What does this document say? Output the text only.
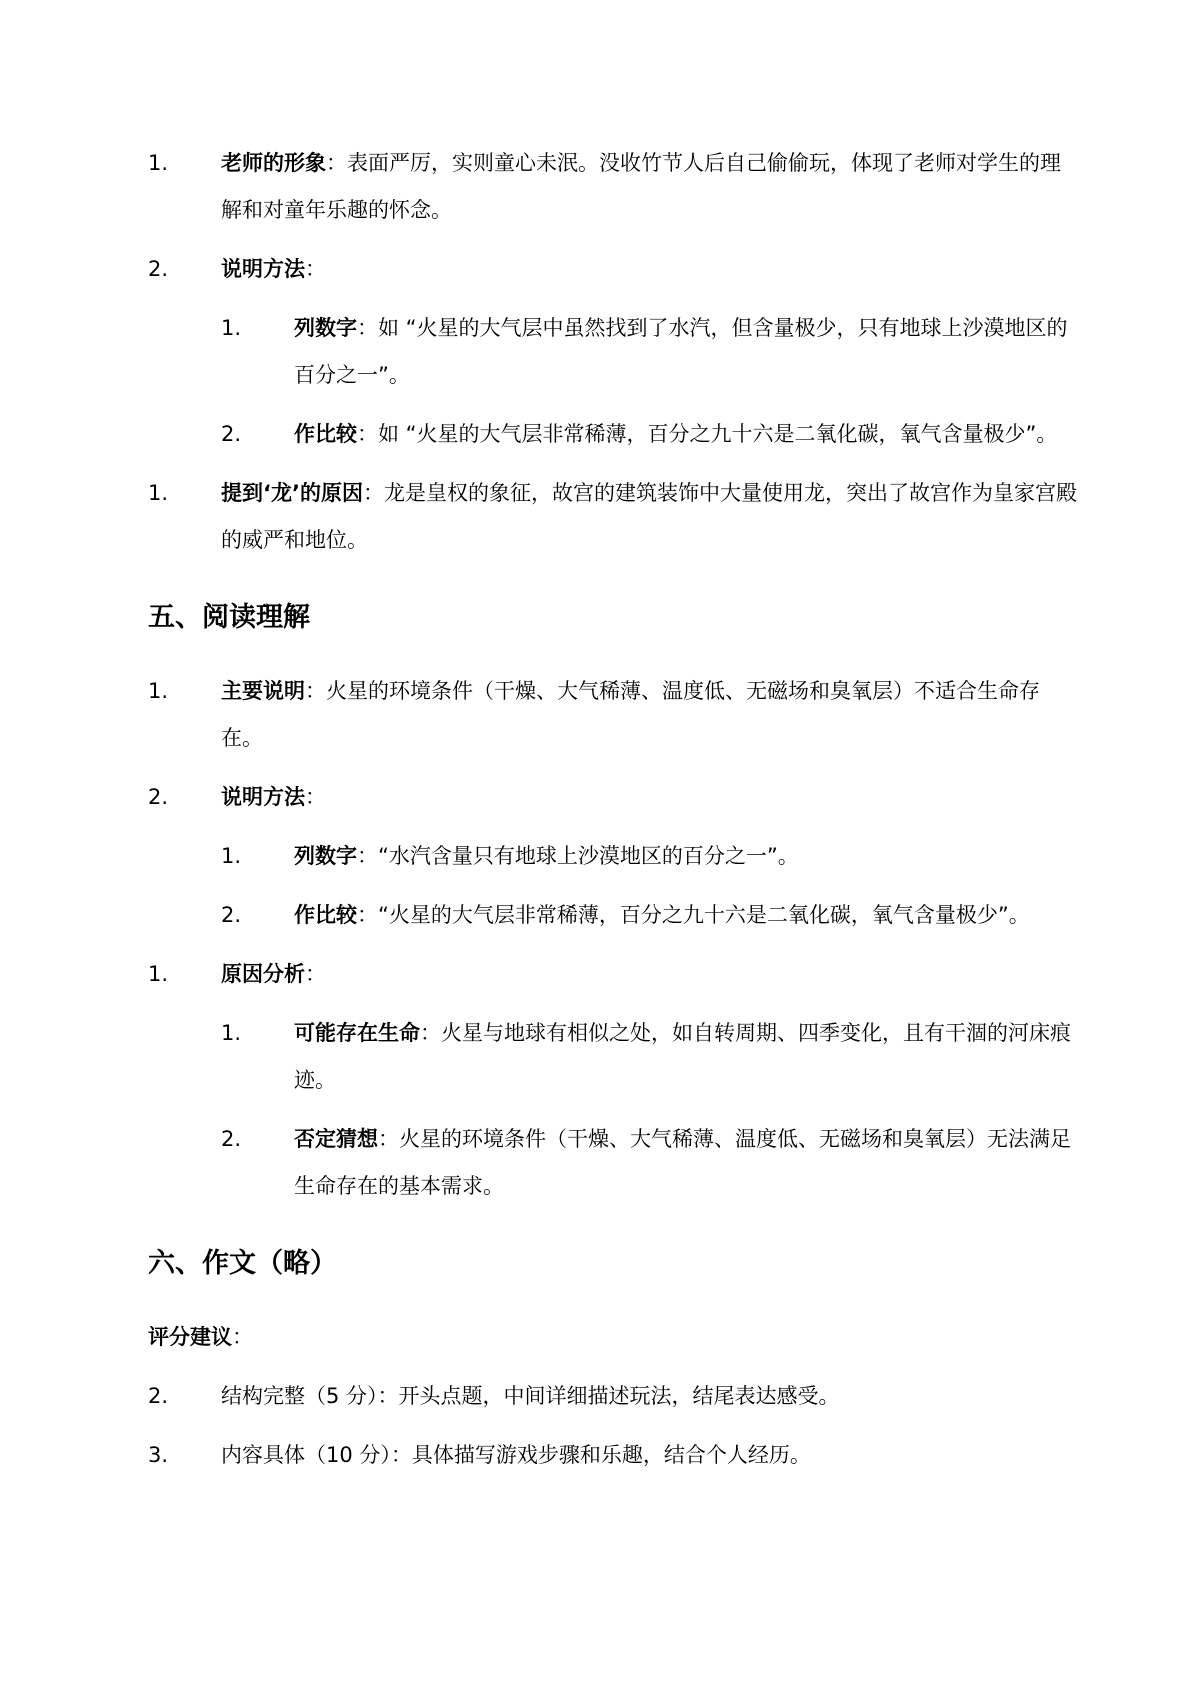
1.	老师的形象：表面严厉，实则童心未泯。没收竹节人后自己偷偷玩，体现了老师对学生的理解和对童年乐趣的怀念。
2.	说明方法：
1.	列数字：如 “火星的大气层中虽然找到了水汽，但含量极少，只有地球上沙漠地区的百分之一”。
2.	作比较：如 “火星的大气层非常稀薄，百分之九十六是二氧化碳，氧气含量极少”。
1.	提到‘龙’的原因：龙是皇权的象征，故宫的建筑装饰中大量使用龙，突出了故宫作为皇家宫殿的威严和地位。
五、阅读理解
1.	主要说明：火星的环境条件（干燥、大气稀薄、温度低、无磁场和臭氧层）不适合生命存在。
2.	说明方法：
1.	列数字：“水汽含量只有地球上沙漠地区的百分之一”。
2.	作比较：“火星的大气层非常稀薄，百分之九十六是二氧化碳，氧气含量极少”。
1.	原因分析：
1.	可能存在生命：火星与地球有相似之处，如自转周期、四季变化，且有干涸的河床痕迹。
2.	否定猜想：火星的环境条件（干燥、大气稀薄、温度低、无磁场和臭氧层）无法满足生命存在的基本需求。
六、作文（略）
评分建议：
2.	结构完整（5 分）：开头点题，中间详细描述玩法，结尾表达感受。
3.	内容具体（10 分）：具体描写游戏步骤和乐趣，结合个人经历。
